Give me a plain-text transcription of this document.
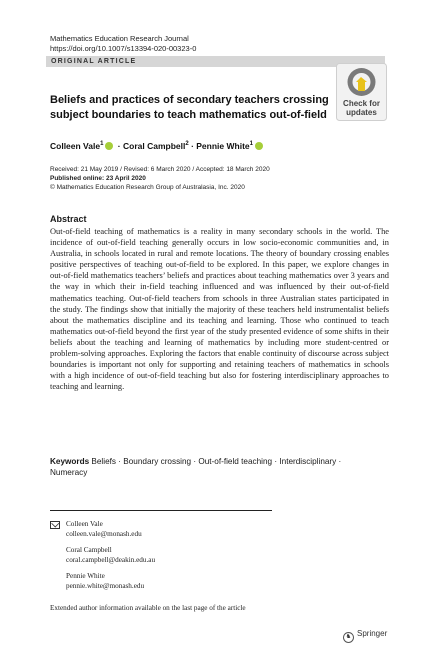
Mathematics Education Research Journal
https://doi.org/10.1007/s13394-020-00323-0
ORIGINAL ARTICLE
Check for
updates
Beliefs and practices of secondary teachers crossing subject boundaries to teach mathematics out-of-field
Colleen Vale$^1$ · Coral Campbell$^2$ · Pennie White$^1$
Received: 21 May 2019 / Revised: 6 March 2020 / Accepted: 18 March 2020
Published online: 23 April 2020
© Mathematics Education Research Group of Australasia, Inc. 2020
Abstract
Out-of-field teaching of mathematics is a reality in many secondary schools in the world. The incidence of out-of-field teaching generally occurs in low socio-economic communities and, in Australia, in schools located in rural and remote locations. The theory of boundary crossing enables positive perspectives of teaching out-of-field to be explored. In this paper, we explore changes in out-of-field mathematics teachers’ beliefs and practices about teaching mathematics over 3 years and the way in which their in-field teaching influenced and was influenced by their out-of-field mathematics teaching. Out-of-field teachers from schools in three Australian states participated in the study. The findings show that initially the majority of these teachers held instrumentalist beliefs about the mathematics discipline and its teaching and learning. Those who continued to teach mathematics out-of-field beyond the first year of the study presented evidence of some shifts in their beliefs about the teaching and learning of mathematics by including more student-centred or problem-solving approaches. Exploring the factors that enable continuity of discourse across subject boundaries is important not only for supporting and retaining teachers of mathematics in schools with a high incidence of out-of-field teaching but also for fostering interdisciplinary approaches to teaching and learning.
Keywords Beliefs · Boundary crossing · Out-of-field teaching · Interdisciplinary · Numeracy
Colleen Vale
colleen.vale@monash.edu
Coral Campbell
coral.campbell@deakin.edu.au
Pennie White
pennie.white@monash.edu
Extended author information available on the last page of the article
♞ Springer
